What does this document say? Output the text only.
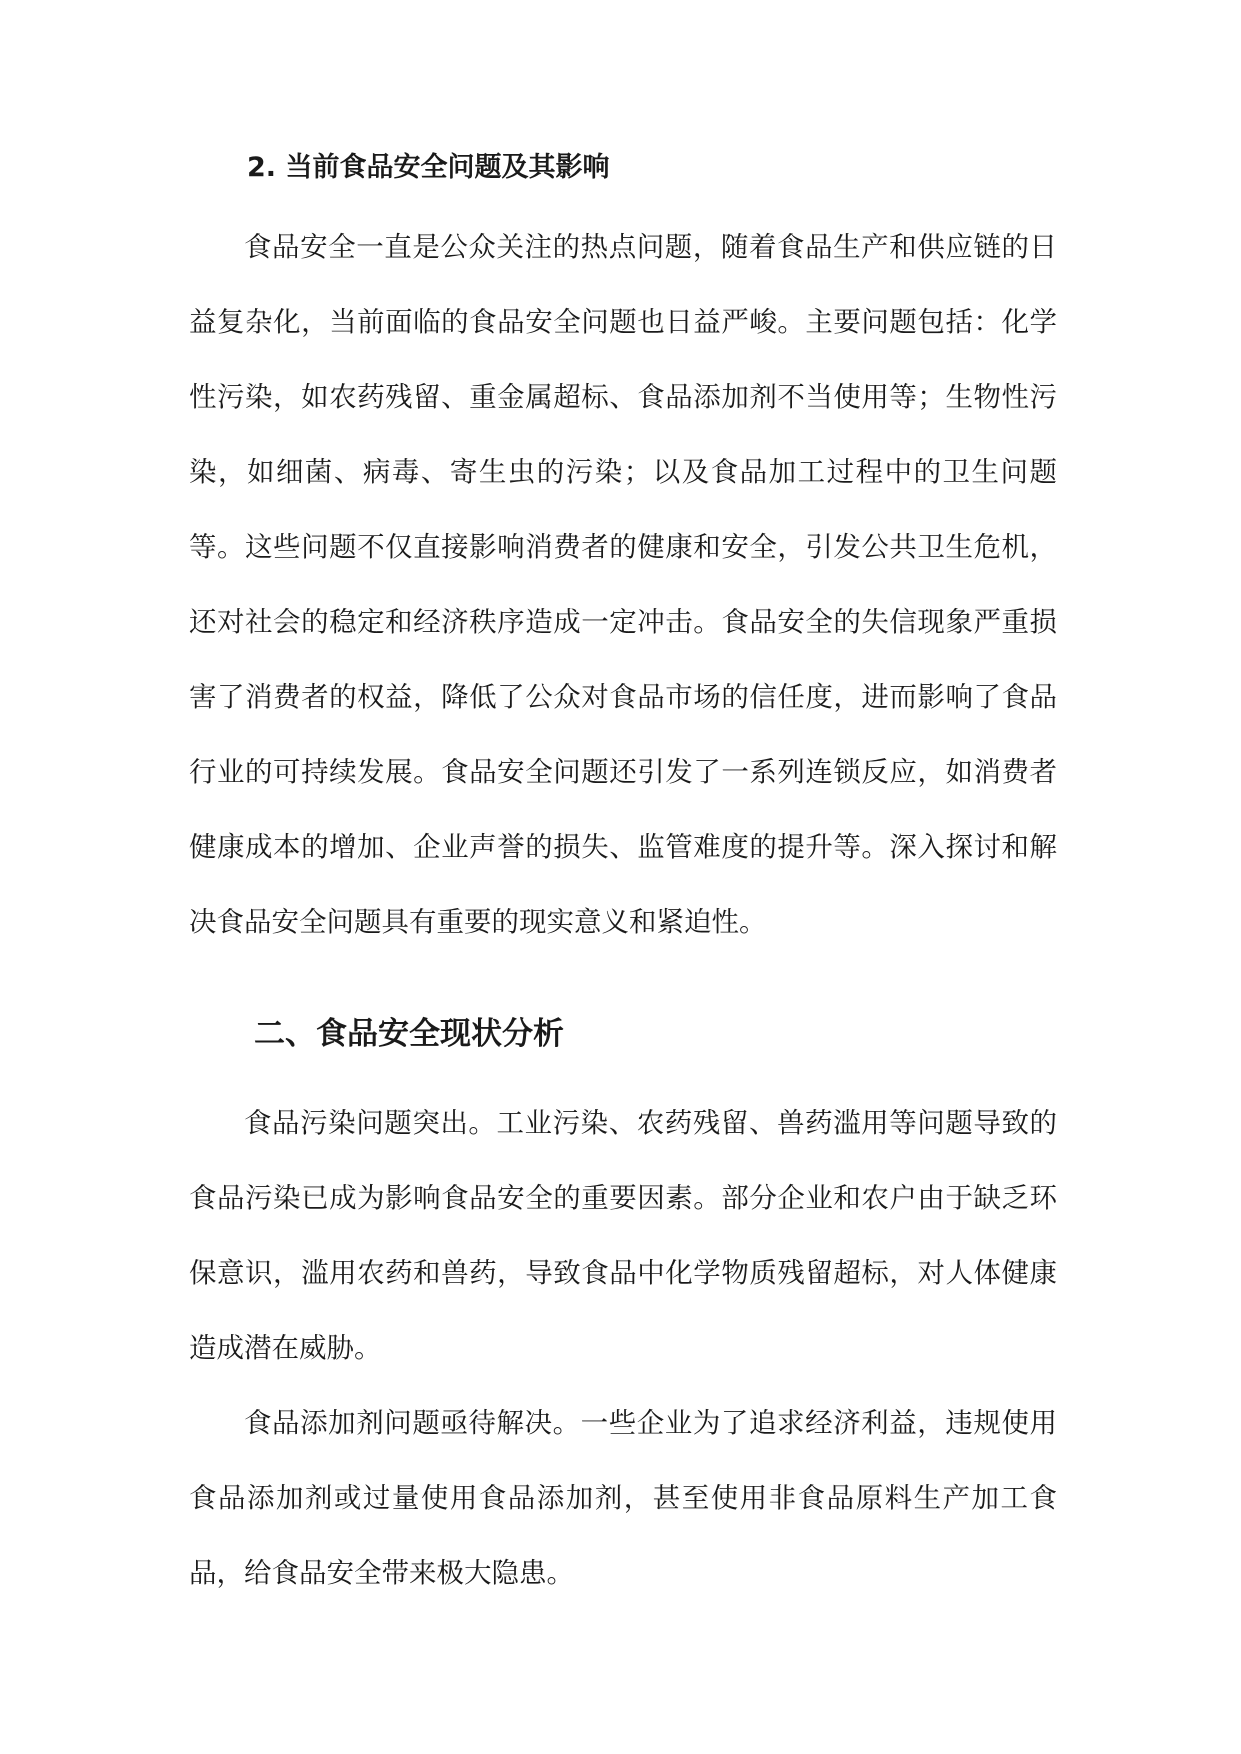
2. 当前食品安全问题及其影响

食品安全一直是公众关注的热点问题，随着食品生产和供应链的日益复杂化，当前面临的食品安全问题也日益严峻。主要问题包括：化学性污染，如农药残留、重金属超标、食品添加剂不当使用等；生物性污染，如细菌、病毒、寄生虫的污染；以及食品加工过程中的卫生问题等。这些问题不仅直接影响消费者的健康和安全，引发公共卫生危机，还对社会的稳定和经济秩序造成一定冲击。食品安全的失信现象严重损害了消费者的权益，降低了公众对食品市场的信任度，进而影响了食品行业的可持续发展。食品安全问题还引发了一系列连锁反应，如消费者健康成本的增加、企业声誉的损失、监管难度的提升等。深入探讨和解决食品安全问题具有重要的现实意义和紧迫性。

二、食品安全现状分析

食品污染问题突出。工业污染、农药残留、兽药滥用等问题导致的食品污染已成为影响食品安全的重要因素。部分企业和农户由于缺乏环保意识，滥用农药和兽药，导致食品中化学物质残留超标，对人体健康造成潜在威胁。

食品添加剂问题亟待解决。一些企业为了追求经济利益，违规使用食品添加剂或过量使用食品添加剂，甚至使用非食品原料生产加工食品，给食品安全带来极大隐患。
